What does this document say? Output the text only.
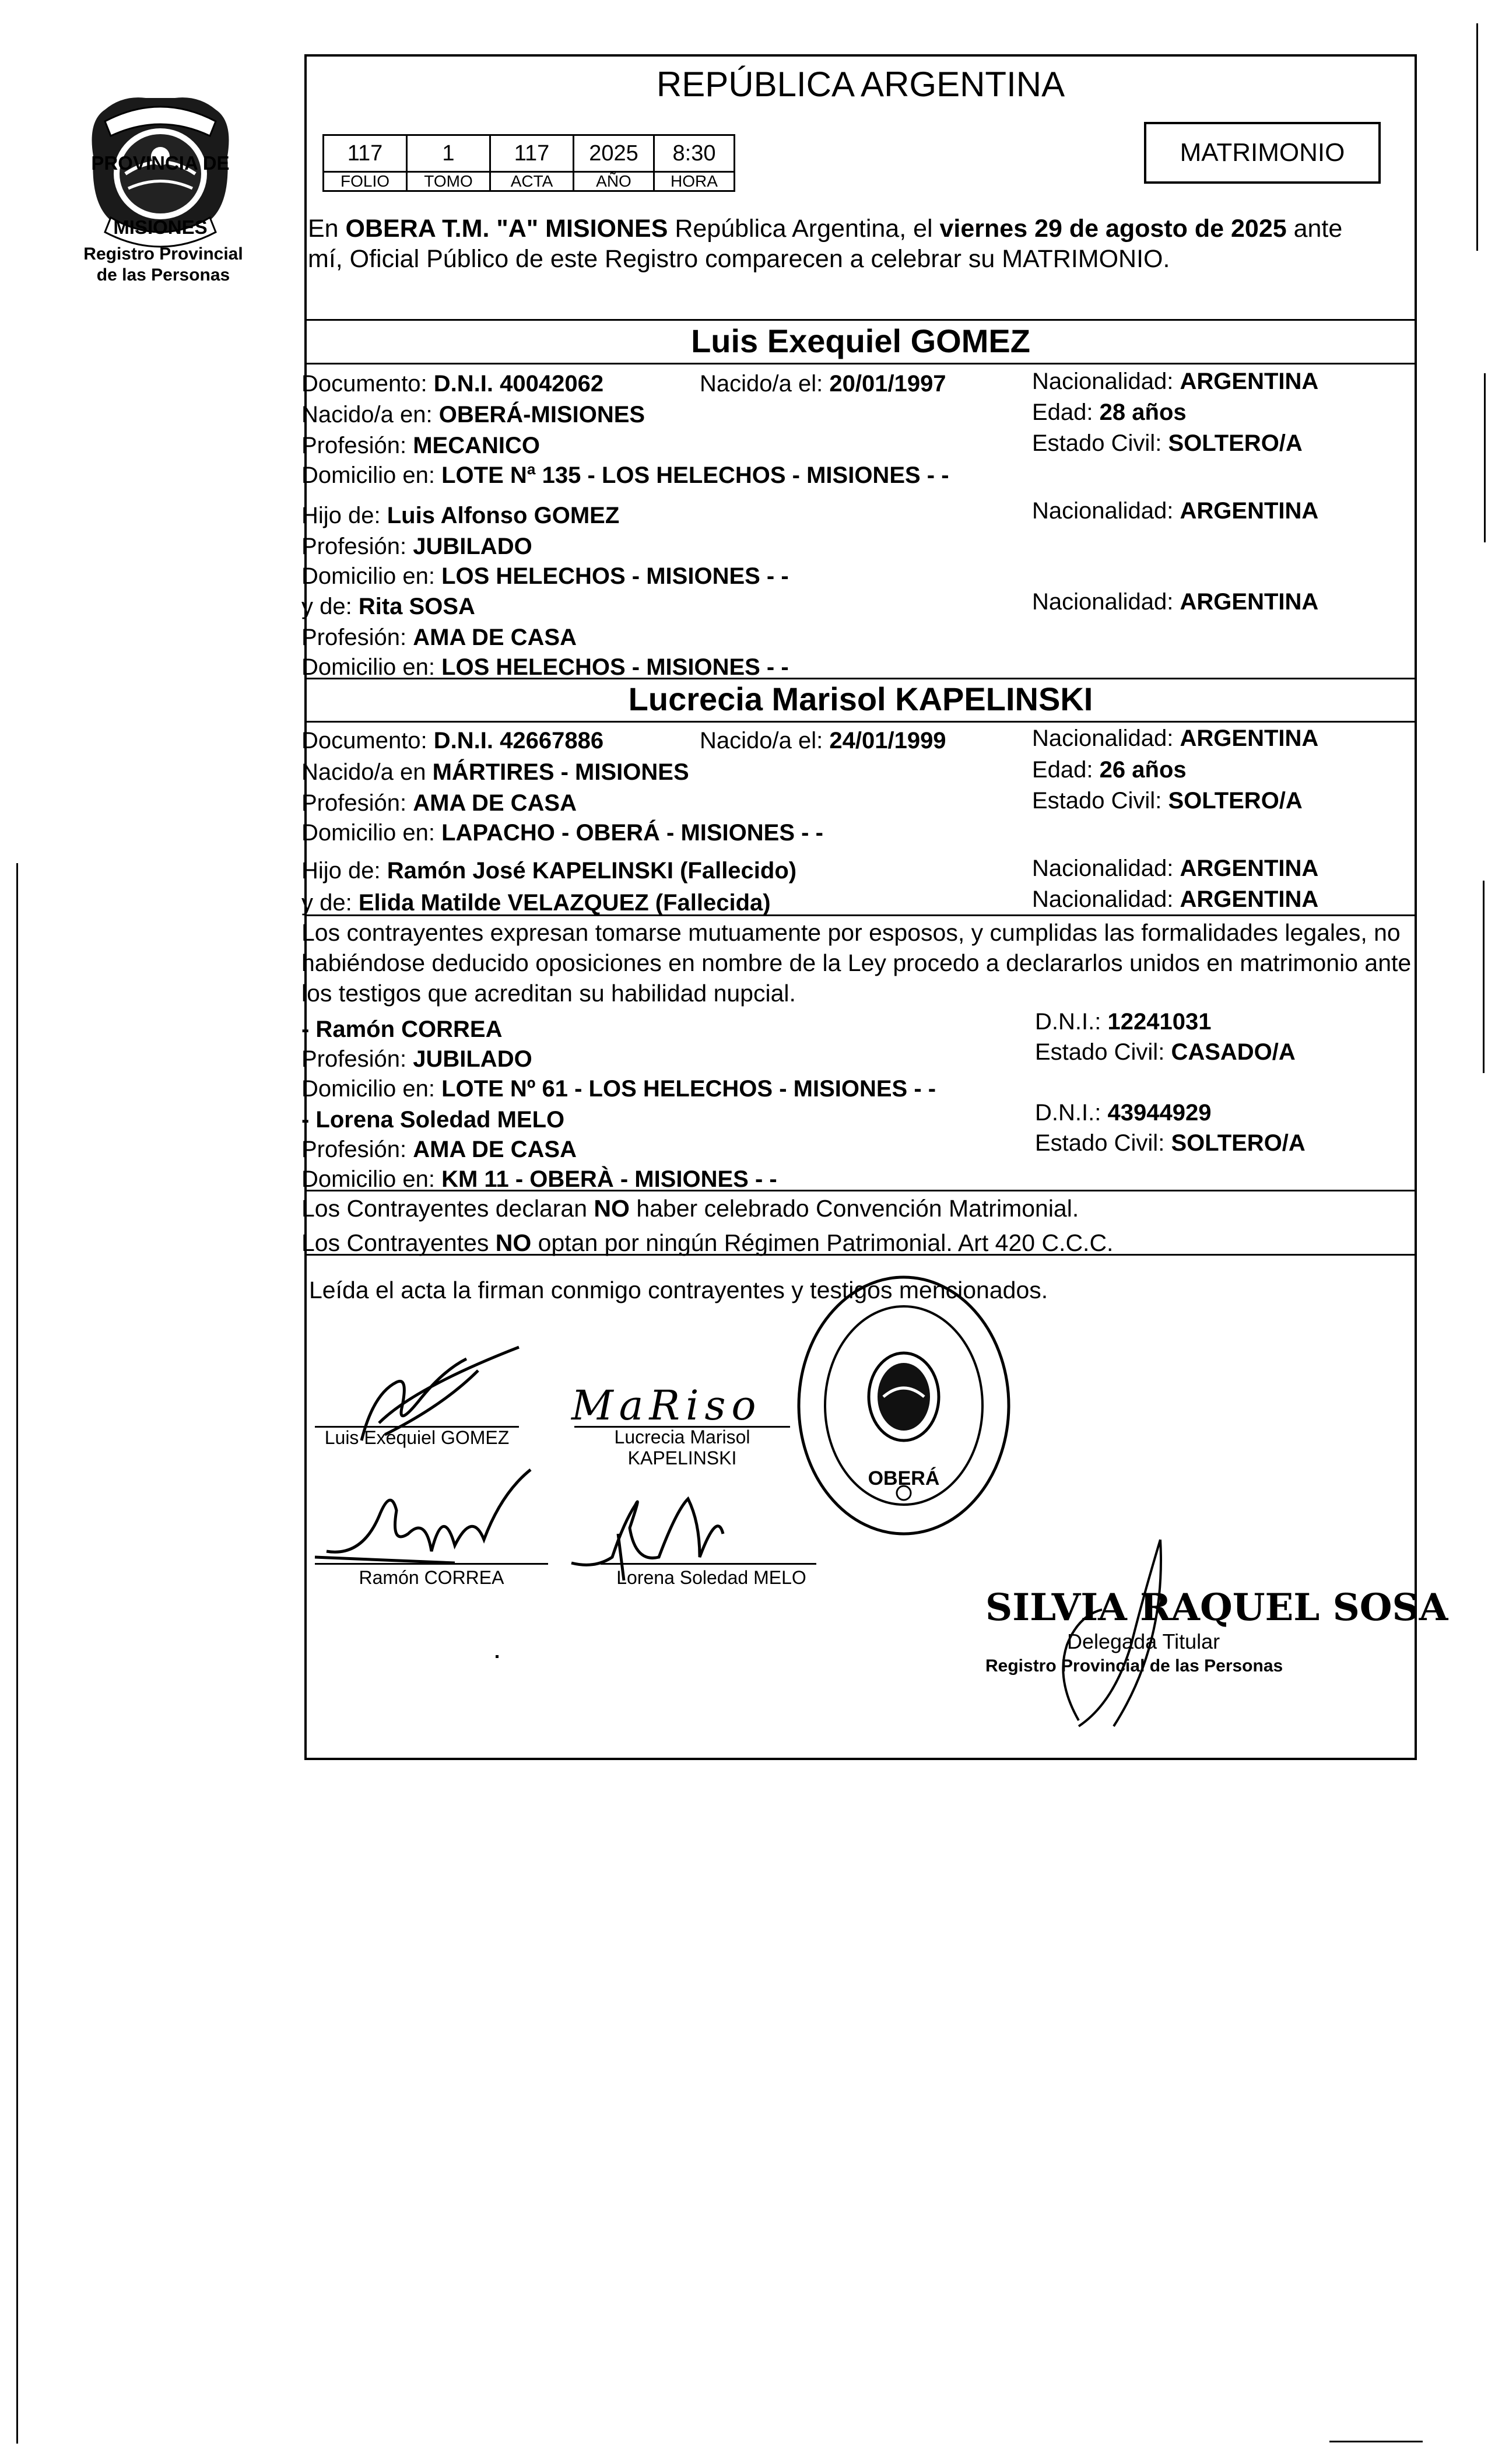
PROVINCIA DE
MISIONES
Registro Provincial
de las Personas
REPÚBLICA ARGENTINA
117	1	117	2025	8:30
FOLIO	TOMO	ACTA	AÑO	HORA
MATRIMONIO
En OBERA T.M. "A" MISIONES República Argentina, el viernes 29 de agosto de 2025 ante
mí, Oficial Público de este Registro comparecen a celebrar su MATRIMONIO.
Luis Exequiel GOMEZ
Documento: D.N.I. 40042062	Nacido/a el: 20/01/1997	Nacionalidad: ARGENTINA
Nacido/a en: OBERÁ-MISIONES	Edad: 28 años
Profesión: MECANICO	Estado Civil: SOLTERO/A
Domicilio en: LOTE Nª 135 - LOS HELECHOS - MISIONES - -
Hijo de: Luis Alfonso GOMEZ	Nacionalidad: ARGENTINA
Profesión: JUBILADO
Domicilio en: LOS HELECHOS - MISIONES - -
y de: Rita SOSA	Nacionalidad: ARGENTINA
Profesión: AMA DE CASA
Domicilio en: LOS HELECHOS - MISIONES - -
Lucrecia Marisol KAPELINSKI
Documento: D.N.I. 42667886	Nacido/a el: 24/01/1999	Nacionalidad: ARGENTINA
Nacido/a en MÁRTIRES - MISIONES	Edad: 26 años
Profesión: AMA DE CASA	Estado Civil: SOLTERO/A
Domicilio en: LAPACHO - OBERÁ - MISIONES - -
Hijo de: Ramón José KAPELINSKI (Fallecido)	Nacionalidad: ARGENTINA
y de: Elida Matilde VELAZQUEZ (Fallecida)	Nacionalidad: ARGENTINA
Los contrayentes expresan tomarse mutuamente por esposos, y cumplidas las formalidades legales, no
habiéndose deducido oposiciones en nombre de la Ley procedo a declararlos unidos en matrimonio ante
los testigos que acreditan su habilidad nupcial.
- Ramón CORREA	D.N.I.: 12241031
Profesión: JUBILADO	Estado Civil: CASADO/A
Domicilio en: LOTE Nº 61 - LOS HELECHOS - MISIONES - -
- Lorena Soledad MELO	D.N.I.: 43944929
Profesión: AMA DE CASA	Estado Civil: SOLTERO/A
Domicilio en: KM 11 - OBERÀ - MISIONES - -
Los Contrayentes declaran NO haber celebrado Convención Matrimonial.
Los Contrayentes NO optan por ningún Régimen Patrimonial. Art 420 C.C.C.
Leída el acta la firman conmigo contrayentes y testigos mencionados.
Luis Exequiel GOMEZ
MaRiso
Lucrecia Marisol
KAPELINSKI
Ramón CORREA	Lorena Soledad MELO
OBERÁ
SILVIA RAQUEL SOSA
Delegada Titular
Registro Provincial de las Personas
